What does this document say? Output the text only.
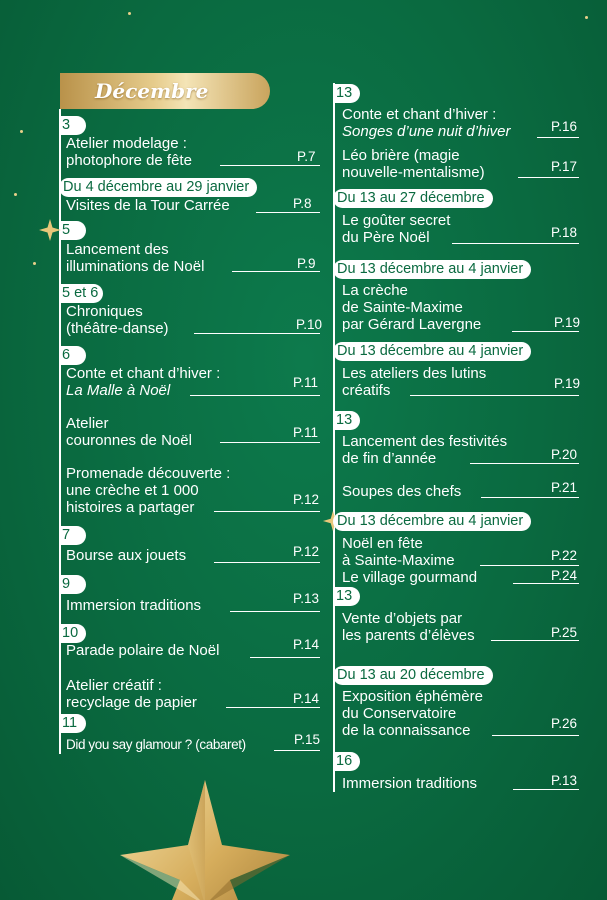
Décembre
3
Atelier modelage :
photophore de fête	P.7
Du 4 décembre au 29 janvier
Visites de la Tour Carrée	P.8
5
Lancement des
illuminations de Noël	P.9
5 et 6
Chroniques
(théâtre-danse)	P.10
6
Conte et chant d’hiver :
La Malle à Noël	P.11
Atelier
couronnes de Noël	P.11
Promenade découverte :
une crèche et 1 000
histoires a partager	P.12
7
Bourse aux jouets	P.12
9
Immersion traditions	P.13
10
Parade polaire de Noël	P.14
Atelier créatif :
recyclage de papier	P.14
11
Did you say glamour ? (cabaret)	P.15
13
Conte et chant d’hiver :
Songes d’une nuit d’hiver	P.16
Léo brière (magie
nouvelle-mentalisme)	P.17
Du 13 au 27 décembre
Le goûter secret
du Père Noël	P.18
Du 13 décembre au 4 janvier
La crèche
de Sainte-Maxime
par Gérard Lavergne	P.19
Du 13 décembre au 4 janvier
Les ateliers des lutins
créatifs	P.19
13
Lancement des festivités
de fin d’année	P.20
Soupes des chefs	P.21
Du 13 décembre au 4 janvier
Noël en fête
à Sainte-Maxime	P.22
Le village gourmand	P.24
13
Vente d’objets par
les parents d’élèves	P.25
Du 13 au 20 décembre
Exposition éphémère
du Conservatoire
de la connaissance	P.26
16
Immersion traditions	P.13
